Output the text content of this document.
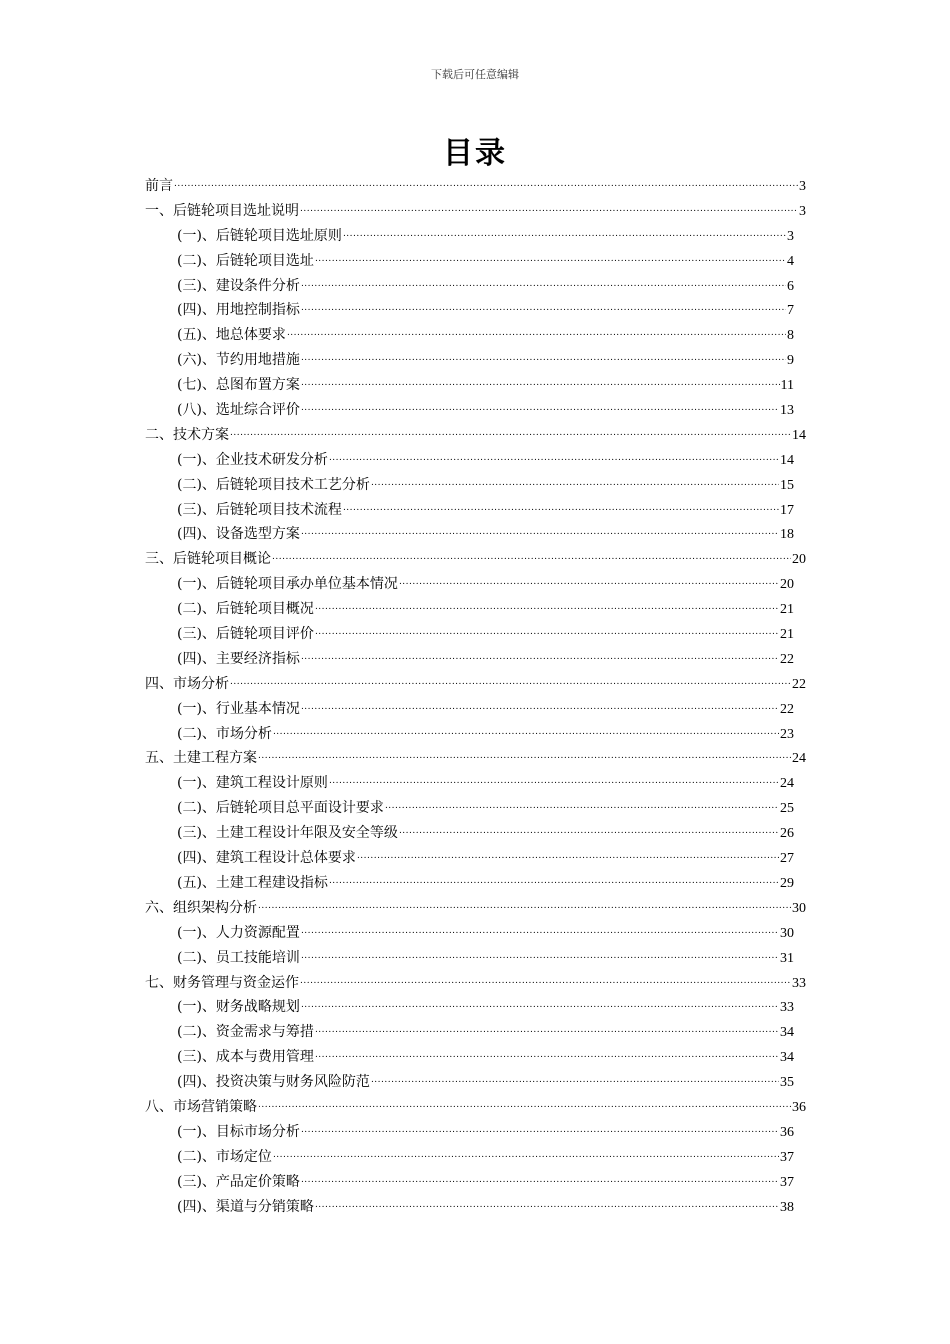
下载后可任意编辑
目录
前言 .....	3
一、后链轮项目选址说明 .....	3
(一)、后链轮项目选址原则 .....	3
(二)、后链轮项目选址 .....	4
(三)、建设条件分析 .....	6
(四)、用地控制指标 .....	7
(五)、地总体要求 .....	8
(六)、节约用地措施 .....	9
(七)、总图布置方案 .....	11
(八)、选址综合评价 .....	13
二、技术方案 .....	14
(一)、企业技术研发分析 .....	14
(二)、后链轮项目技术工艺分析 .....	15
(三)、后链轮项目技术流程 .....	17
(四)、设备选型方案 .....	18
三、后链轮项目概论 .....	20
(一)、后链轮项目承办单位基本情况 .....	20
(二)、后链轮项目概况 .....	21
(三)、后链轮项目评价 .....	21
(四)、主要经济指标 .....	22
四、市场分析 .....	22
(一)、行业基本情况 .....	22
(二)、市场分析 .....	23
五、土建工程方案 .....	24
(一)、建筑工程设计原则 .....	24
(二)、后链轮项目总平面设计要求 .....	25
(三)、土建工程设计年限及安全等级 .....	26
(四)、建筑工程设计总体要求 .....	27
(五)、土建工程建设指标 .....	29
六、组织架构分析 .....	30
(一)、人力资源配置 .....	30
(二)、员工技能培训 .....	31
七、财务管理与资金运作 .....	33
(一)、财务战略规划 .....	33
(二)、资金需求与筹措 .....	34
(三)、成本与费用管理 .....	34
(四)、投资决策与财务风险防范 .....	35
八、市场营销策略 .....	36
(一)、目标市场分析 .....	36
(二)、市场定位 .....	37
(三)、产品定价策略 .....	37
(四)、渠道与分销策略 .....	38
